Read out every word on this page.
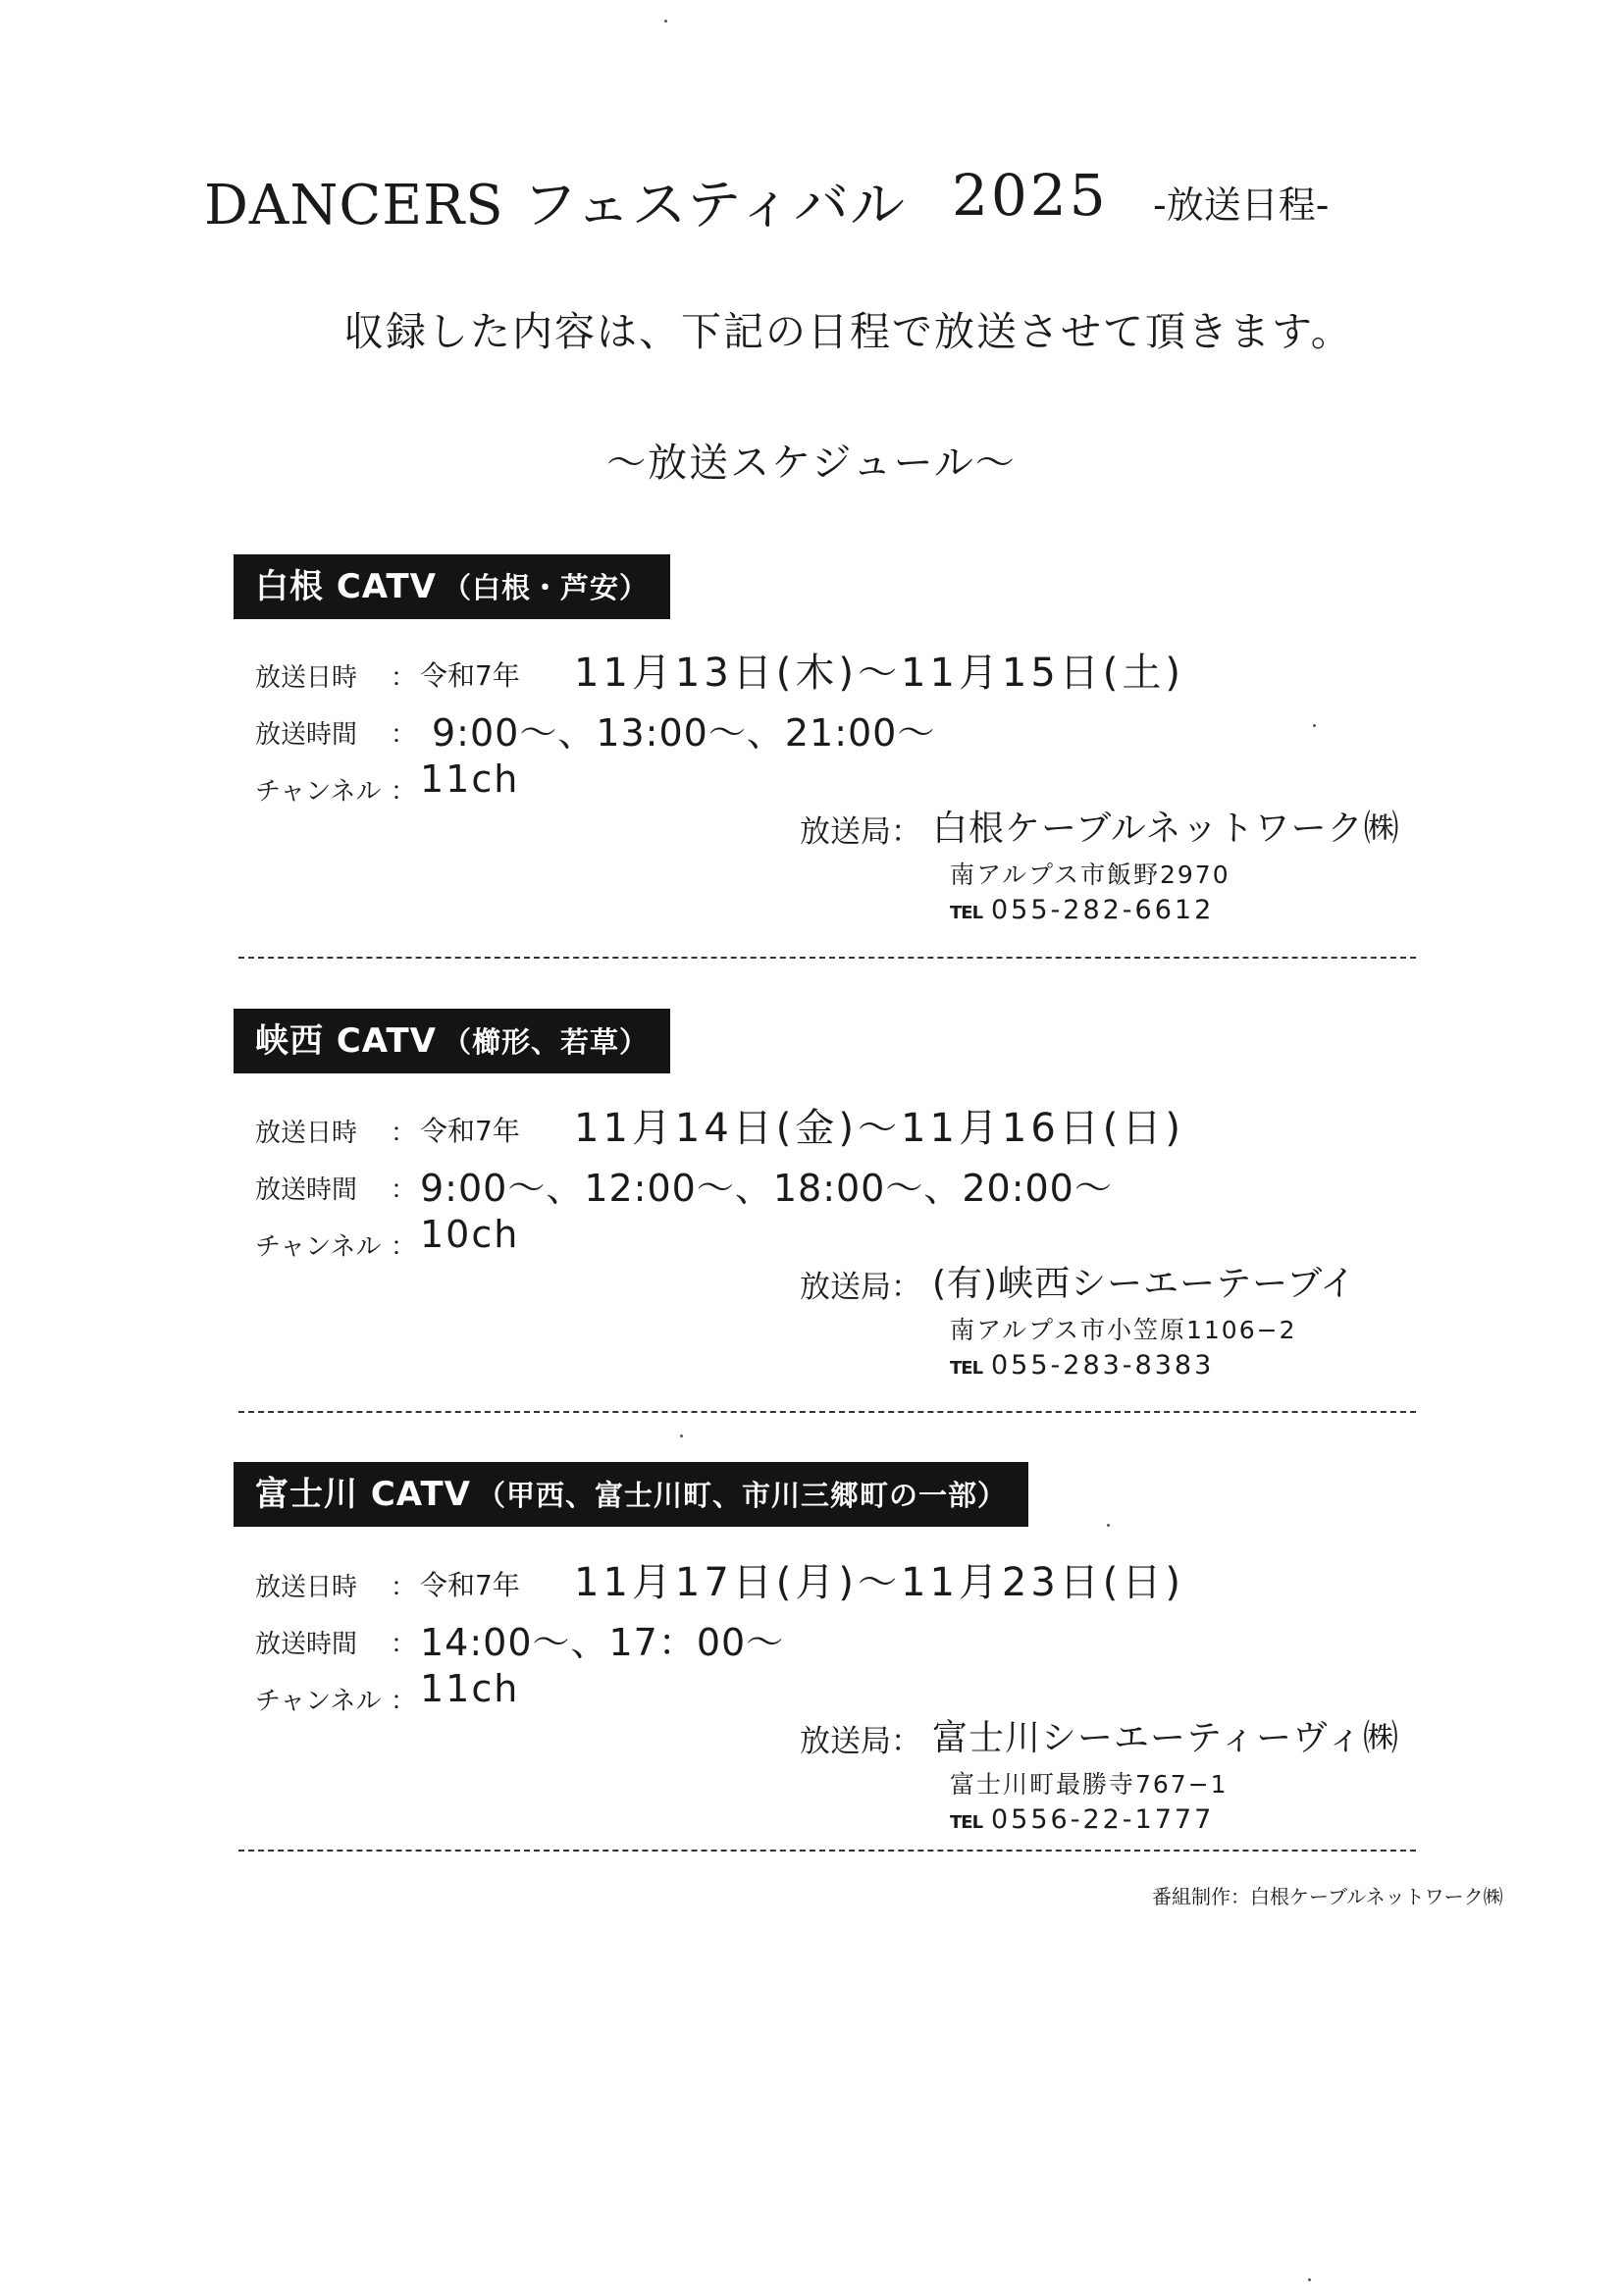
DANCERS フェスティバル 2025 -放送日程-
収録した内容は、下記の日程で放送させて頂きます。
〜放送スケジュール〜
白根 CATV （白根・芦安）
放送日時 ： 令和7年 11月13日(木)〜11月15日(土)
放送時間 ： 9:00〜、13:00〜、21:00〜
チャンネル ： 11ch
放送局： 白根ケーブルネットワーク㈱
南アルプス市飯野2970
TEL 055-282-6612
峡西 CATV （櫛形、若草）
放送日時 ： 令和7年 11月14日(金)〜11月16日(日)
放送時間 ： 9:00〜、12:00〜、18:00〜、20:00〜
チャンネル ： 10ch
放送局： (有)峡西シーエーテーブイ
南アルプス市小笠原1106−2
TEL 055-283-8383
富士川 CATV （甲西、富士川町、市川三郷町の一部）
放送日時 ： 令和7年 11月17日(月)〜11月23日(日)
放送時間 ： 14:00〜、17：00〜
チャンネル ： 11ch
放送局： 富士川シーエーティーヴィ㈱
富士川町最勝寺767−1
TEL 0556-22-1777
番組制作：白根ケーブルネットワーク㈱
